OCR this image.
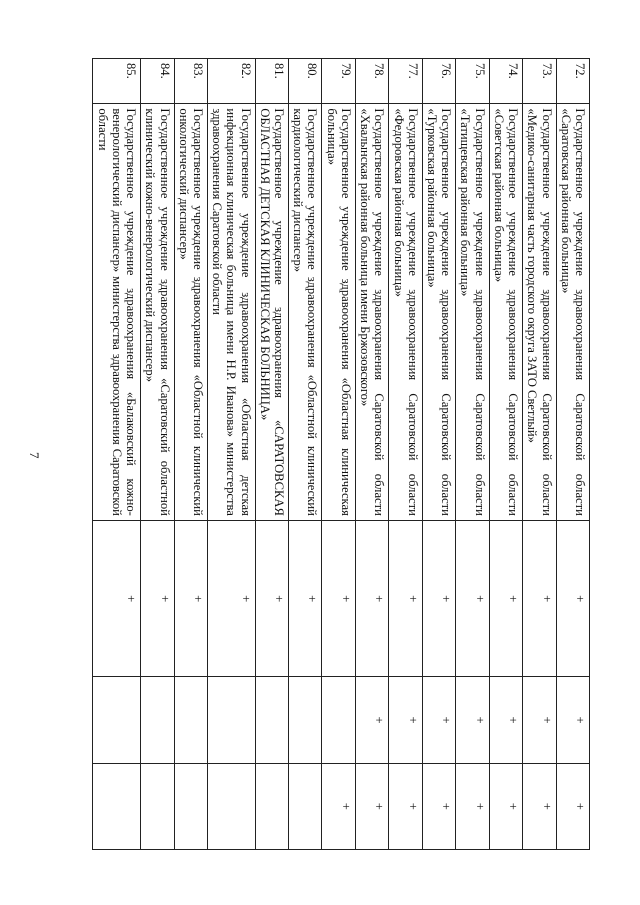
7
72.	Государственное учреждение здравоохранения Саратовской области «Саратовская районная больница»	+	+	+
73.	Государственное учреждение здравоохранения Саратовской области «Медико-санитарная часть городского округа ЗАТО Светлый»	+	+	+
74.	Государственное учреждение здравоохранения Саратовской области «Советская районная больница»	+	+	+
75.	Государственное учреждение здравоохранения Саратовской области «Татищевская районная больница»	+	+	+
76.	Государственное учреждение здравоохранения Саратовской области «Турковская районная больница»	+	+	+
77.	Государственное учреждение здравоохранения Саратовской области «Федоровская районная больница»	+	+	+
78.	Государственное учреждение здравоохранения Саратовской области «Хвалынская районная больница имени Бржозовского»	+	+	+
79.	Государственное учреждение здравоохранения «Областная клиническая больница»	+		+
80.	Государственное учреждение здравоохранения «Областной клинический кардиологический диспансер»	+		
81.	Государственное учреждение здравоохранения «САРАТОВСКАЯ ОБЛАСТНАЯ ДЕТСКАЯ КЛИНИЧЕСКАЯ БОЛЬНИЦА»	+		
82.	Государственное учреждение здравоохранения «Областная детская инфекционная клиническая больница имени Н.Р. Иванова» министерства здравоохранения Саратовской области	+		
83.	Государственное учреждение здравоохранения «Областной клинический онкологический диспансер»	+		
84.	Государственное учреждение здравоохранения «Саратовский областной клинический кожно-венерологический диспансер»	+		
85.	Государственное учреждение здравоохранения «Балаковский кожно-венерологический диспансер» министерства здравоохранения Саратовской области	+		
